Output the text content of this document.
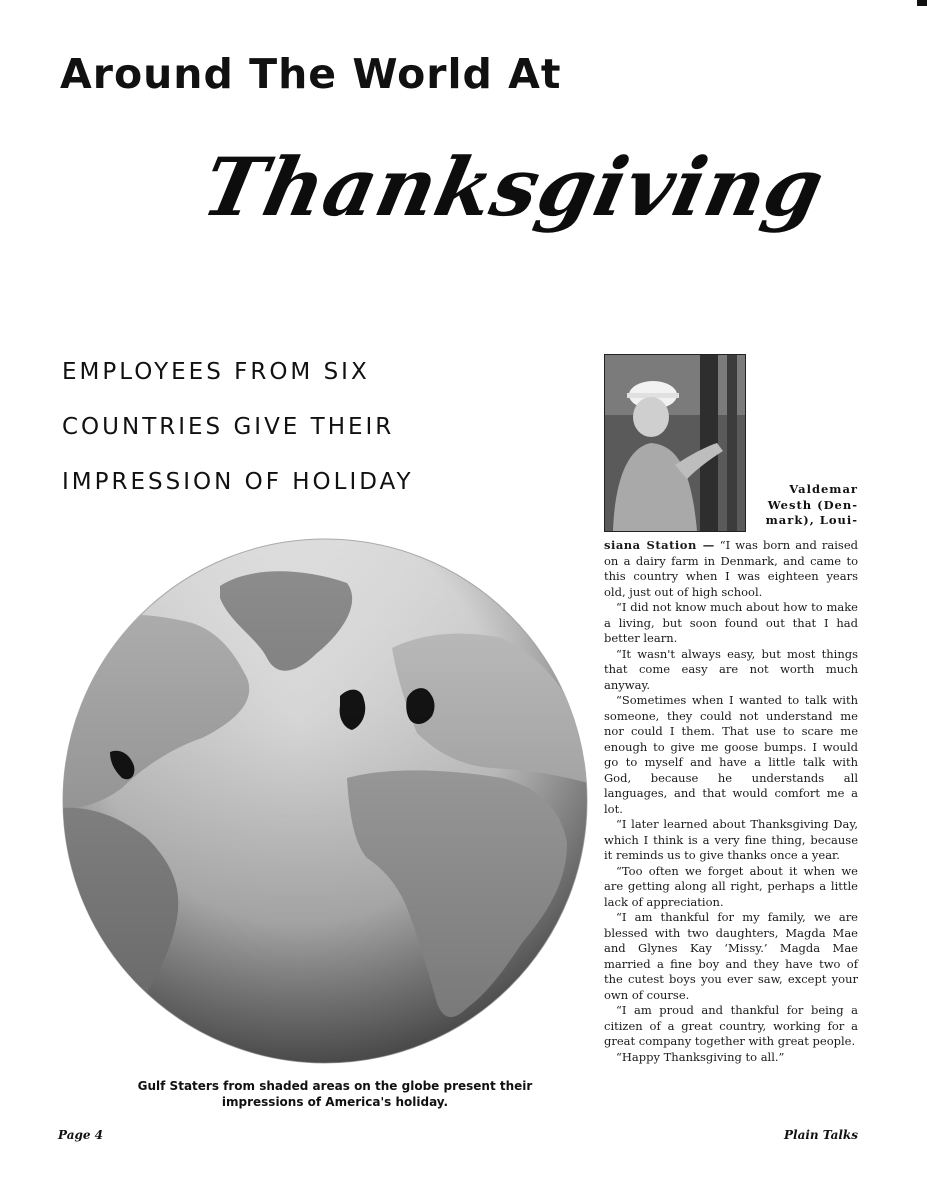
Around The World At
Thanksgiving
EMPLOYEES FROM SIX
COUNTRIES GIVE THEIR
IMPRESSION OF HOLIDAY

Gulf Staters from shaded areas on the globe present their impressions of America's holiday.

Valdemar
Westh (Den-
mark), Loui-

siana Station — “I was born and raised on a dairy farm in Denmark, and came to this country when I was eighteen years old, just out of high school.

“I did not know much about how to make a living, but soon found out that I had better learn.

“It wasn't always easy, but most things that come easy are not worth much anyway.

“Sometimes when I wanted to talk with someone, they could not understand me nor could I them. That use to scare me enough to give me goose bumps. I would go to myself and have a little talk with God, because he understands all languages, and that would comfort me a lot.

“I later learned about Thanksgiving Day, which I think is a very fine thing, because it reminds us to give thanks once a year.

“Too often we forget about it when we are getting along all right, perhaps a little lack of appreciation.

“I am thankful for my family, we are blessed with two daughters, Magda Mae and Glynes Kay ‘Missy.’ Magda Mae married a fine boy and they have two of the cutest boys you ever saw, except your own of course.

“I am proud and thankful for being a citizen of a great country, working for a great company together with great people.

“Happy Thanksgiving to all.”

Page 4	Plain Talks
